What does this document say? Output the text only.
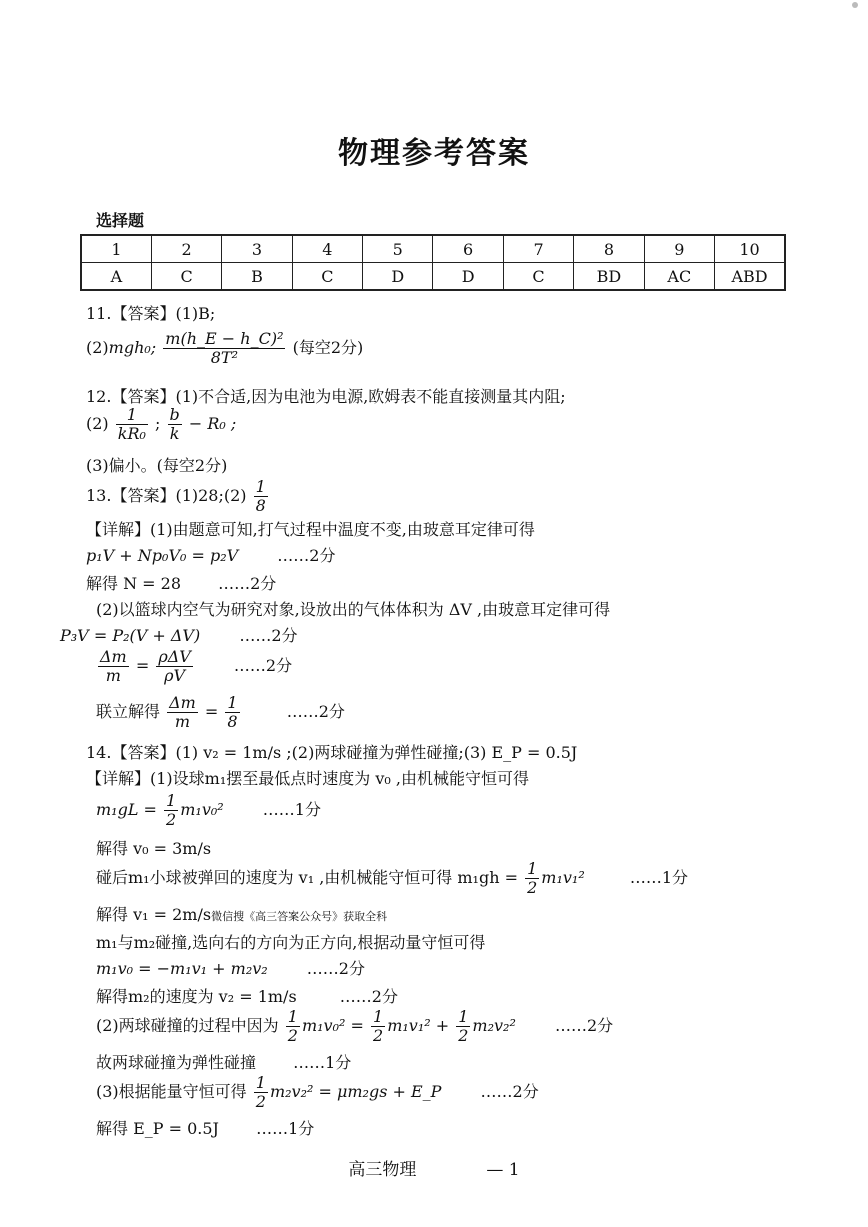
物理参考答案
选择题
1	2	3	4	5	6	7	8	9	10
A	C	B	C	D	D	C	BD	AC	ABD
11.【答案】(1)B;
(2)mgh₀; $\frac{\text{m(h\_E − h\_C)²}}{\text{8T²}}$ (每空2分)
12.【答案】(1)不合适,因为电池为电源,欧姆表不能直接测量其内阻;
$(2) \frac{1}{\text{kR₀}}$ ; $\frac{b}{k} - R_0$ ;
(3)偏小。(每空2分)
13.【答案】(1)28;(2) $\frac{1}{8}$
【详解】(1)由题意可知,打气过程中温度不变,由玻意耳定律可得
p₁V + Np₀V₀ = p₂V ……2分
解得 N = 28 ……2分
(2)以篮球内空气为研究对象,设放出的气体体积为 ΔV ,由玻意耳定律可得
P₃V = P₂(V + ΔV) ……2分
$\frac{\Delta m}{m} = \frac{\text{ρΔV}}{\rho V}$	……2分
联立解得 $\frac{\Delta m}{m} = \frac{1}{8}$	……2分
14.【答案】(1) v₂ = 1m/s ;(2)两球碰撞为弹性碰撞;(3) E_P = 0.5J
【详解】(1)设球m₁摆至最低点时速度为 v₀ ,由机械能守恒可得
$m_1gL = \frac{1}{2} m_1v_0^2$ ……1分
解得 v₀ = 3m/s
碰后m₁小球被弹回的速度为 v₁ ,由机械能守恒可得 $m_1gh = \frac{1}{2} m_1v_1^2$	……1分
解得 v₁ = 2m/s微信搜《高三答案公众号》获取全科
m₁与m₂碰撞,选向右的方向为正方向,根据动量守恒可得
m₁v₀ = −m₁v₁ + m₂v₂ ……2分
解得m₂的速度为 v₂ = 1m/s	……2分
(2)两球碰撞的过程中因为 $\frac{1}{2} m_1v_0^2 = \frac{1}{2} m_1v_1^2 + \frac{1}{2} m_2v_2^2$ ……2分
故两球碰撞为弹性碰撞 ……1分
(3)根据能量守恒可得 $\frac{1}{2} m_2v_2^2 = \mu m_2gs$ + E_P ……2分
解得 E_P = 0.5J ……1分
高三物理	— 1
